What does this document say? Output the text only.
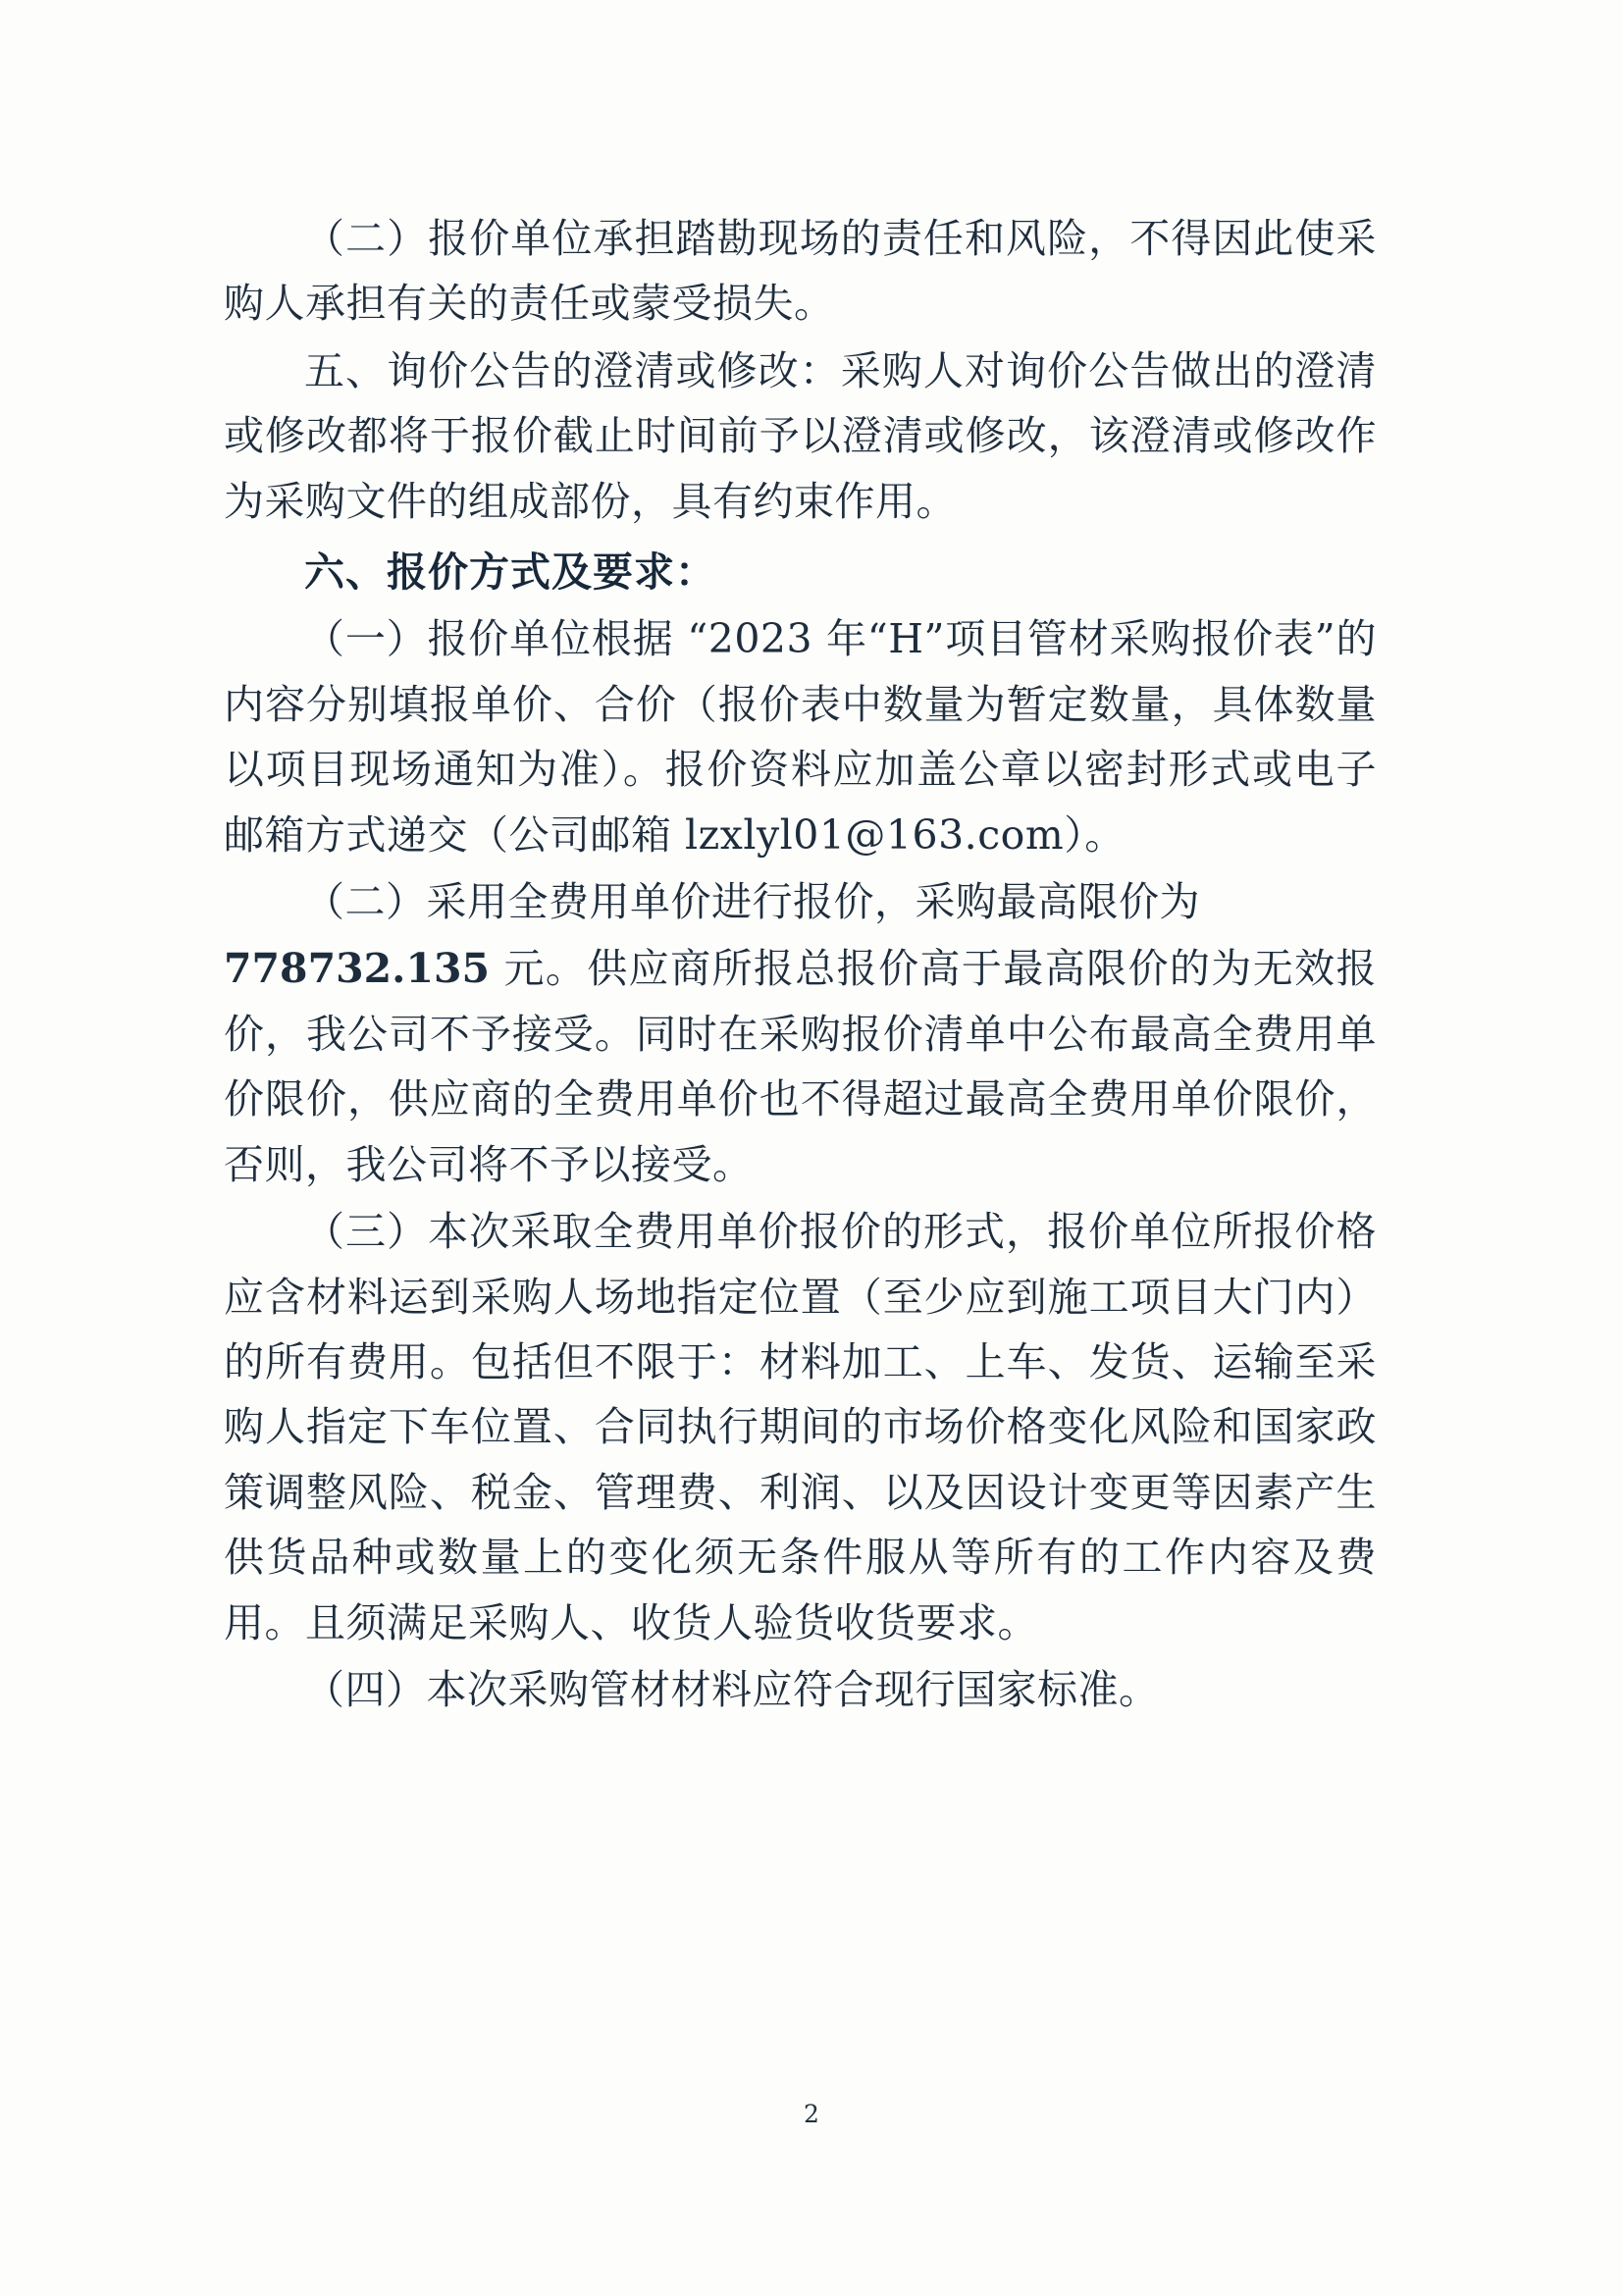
（二）报价单位承担踏勘现场的责任和风险，不得因此使采购人承担有关的责任或蒙受损失。

五、询价公告的澄清或修改：采购人对询价公告做出的澄清或修改都将于报价截止时间前予以澄清或修改，该澄清或修改作为采购文件的组成部份，具有约束作用。

六、报价方式及要求：

（一）报价单位根据 “2023 年“H”项目管材采购报价表”的内容分别填报单价、合价（报价表中数量为暂定数量，具体数量以项目现场通知为准）。报价资料应加盖公章以密封形式或电子邮箱方式递交（公司邮箱 lzxlyl01@163.com）。

（二）采用全费用单价进行报价，采购最高限价为

778732.135 元。供应商所报总报价高于最高限价的为无效报价，我公司不予接受。同时在采购报价清单中公布最高全费用单价限价，供应商的全费用单价也不得超过最高全费用单价限价，否则，我公司将不予以接受。

（三）本次采取全费用单价报价的形式，报价单位所报价格应含材料运到采购人场地指定位置（至少应到施工项目大门内）的所有费用。包括但不限于：材料加工、上车、发货、运输至采购人指定下车位置、合同执行期间的市场价格变化风险和国家政策调整风险、税金、管理费、利润、以及因设计变更等因素产生供货品种或数量上的变化须无条件服从等所有的工作内容及费用。且须满足采购人、收货人验货收货要求。

（四）本次采购管材材料应符合现行国家标准。

2
